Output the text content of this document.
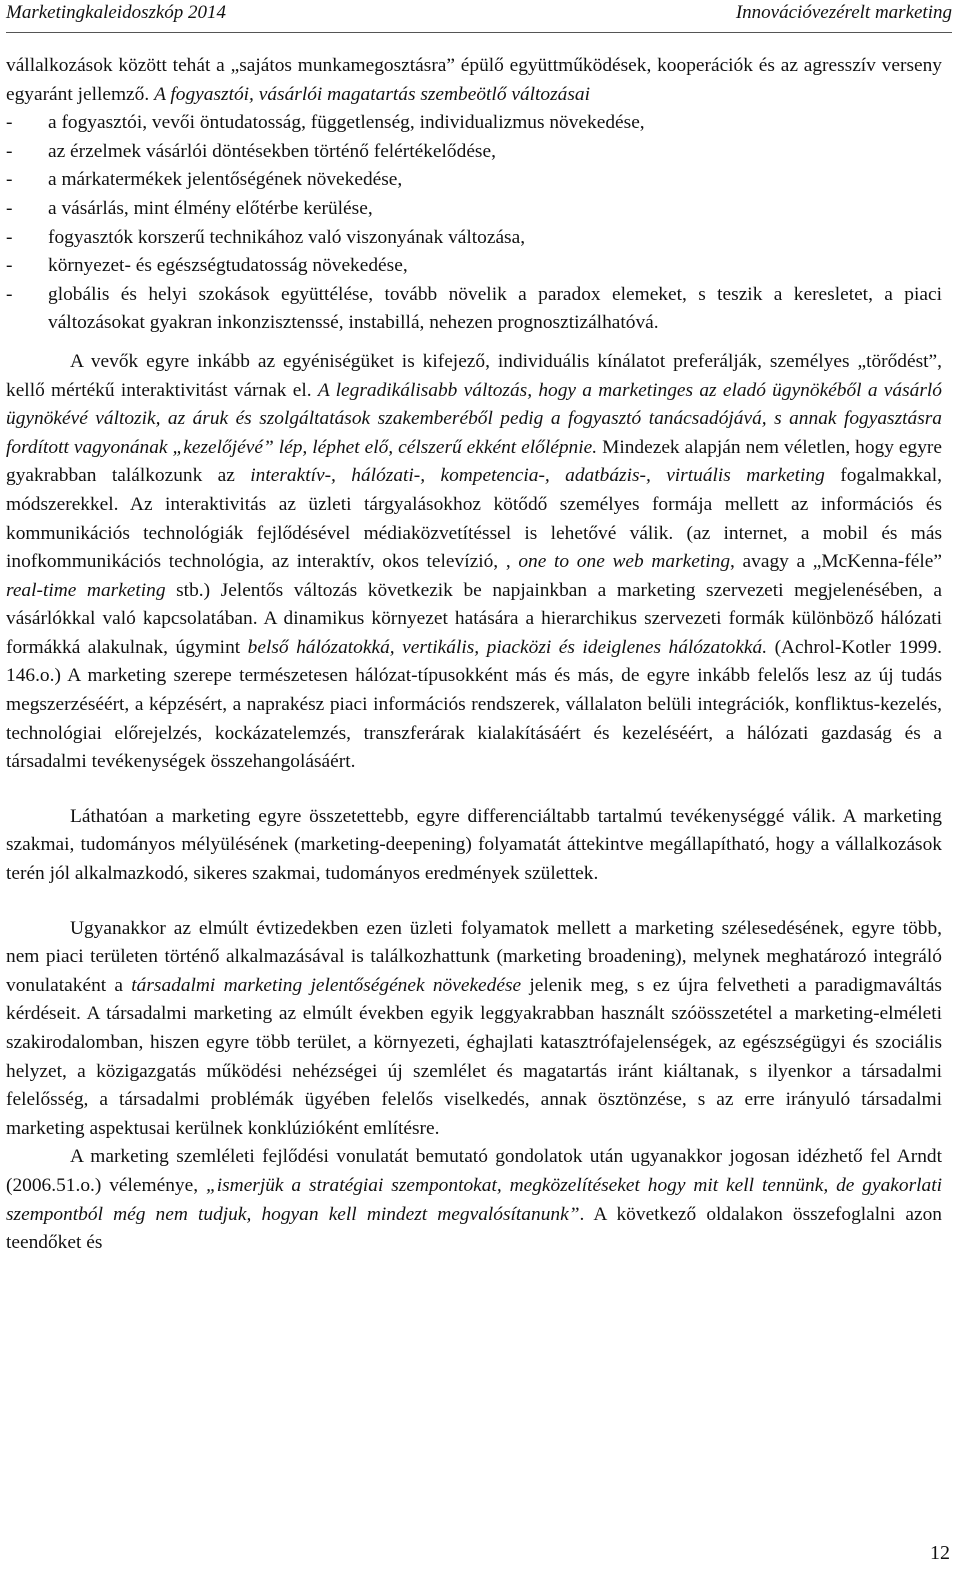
Marketingkaleidoszkóp 2014	Innovációvezérelt marketing

vállalkozások között tehát a „sajátos munkamegosztásra” épülő együttműködések, kooperációk és az agresszív verseny egyaránt jellemző. A fogyasztói, vásárlói magatartás szembeötlő változásai

- a fogyasztói, vevői öntudatosság, függetlenség, individualizmus növekedése,
- az érzelmek vásárlói döntésekben történő felértékelődése,
- a márkatermékek jelentőségének növekedése,
- a vásárlás, mint élmény előtérbe kerülése,
- fogyasztók korszerű technikához való viszonyának változása,
- környezet- és egészségtudatosság növekedése,
- globális és helyi szokások együttélése, tovább növelik a paradox elemeket, s teszik a keresletet, a piaci változásokat gyakran inkonzisztenssé, instabillá, nehezen prognosztizálhatóvá.

A vevők egyre inkább az egyéniségüket is kifejező, individuális kínálatot preferálják, személyes „törődést”, kellő mértékű interaktivitást várnak el. A legradikálisabb változás, hogy a marketinges az eladó ügynökéből a vásárló ügynökévé változik, az áruk és szolgáltatások szakemberéből pedig a fogyasztó tanácsadójává, s annak fogyasztásra fordított vagyonának „kezelőjévé” lép, léphet elő, célszerű ekként előlépnie. Mindezek alapján nem véletlen, hogy egyre gyakrabban találkozunk az interaktív-, hálózati-, kompetencia-, adatbázis-, virtuális marketing fogalmakkal, módszerekkel. Az interaktivitás az üzleti tárgyalásokhoz kötődő személyes formája mellett az információs és kommunikációs technológiák fejlődésével médiaközvetítéssel is lehetővé válik. (az internet, a mobil és más inofkommunikációs technológia, az interaktív, okos televízió, , one to one web marketing, avagy a „McKenna-féle” real-time marketing stb.) Jelentős változás következik be napjainkban a marketing szervezeti megjelenésében, a vásárlókkal való kapcsolatában. A dinamikus környezet hatására a hierarchikus szervezeti formák különböző hálózati formákká alakulnak, úgymint belső hálózatokká, vertikális, piacközi és ideiglenes hálózatokká. (Achrol-Kotler 1999. 146.o.) A marketing szerepe természetesen hálózat-típusokként más és más, de egyre inkább felelős lesz az új tudás megszerzéséért, a képzésért, a naprakész piaci információs rendszerek, vállalaton belüli integrációk, konfliktus-kezelés, technológiai előrejelzés, kockázatelemzés, transzferárak kialakításáért és kezeléséért, a hálózati gazdaság és a társadalmi tevékenységek összehangolásáért.

Láthatóan a marketing egyre összetettebb, egyre differenciáltabb tartalmú tevékenységgé válik. A marketing szakmai, tudományos mélyülésének (marketing-deepening) folyamatát áttekintve megállapítható, hogy a vállalkozások terén jól alkalmazkodó, sikeres szakmai, tudományos eredmények születtek.

Ugyanakkor az elmúlt évtizedekben ezen üzleti folyamatok mellett a marketing szélesedésének, egyre több, nem piaci területen történő alkalmazásával is találkozhattunk (marketing broadening), melynek meghatározó integráló vonulataként a társadalmi marketing jelentőségének növekedése jelenik meg, s ez újra felvetheti a paradigmaváltás kérdéseit. A társadalmi marketing az elmúlt években egyik leggyakrabban használt szóösszetétel a marketing-elméleti szakirodalomban, hiszen egyre több terület, a környezeti, éghajlati katasztrófajelenségek, az egészségügyi és szociális helyzet, a közigazgatás működési nehézségei új szemlélet és magatartás iránt kiáltanak, s ilyenkor a társadalmi felelősség, a társadalmi problémák ügyében felelős viselkedés, annak ösztönzése, s az erre irányuló társadalmi marketing aspektusai kerülnek konklúzióként említésre.

A marketing szemléleti fejlődési vonulatát bemutató gondolatok után ugyanakkor jogosan idézhető fel Arndt (2006.51.o.) véleménye, „ismerjük a stratégiai szempontokat, megközelítéseket hogy mit kell tennünk, de gyakorlati szempontból még nem tudjuk, hogyan kell mindezt megvalósítanunk”. A következő oldalakon összefoglalni azon teendőket és

12
